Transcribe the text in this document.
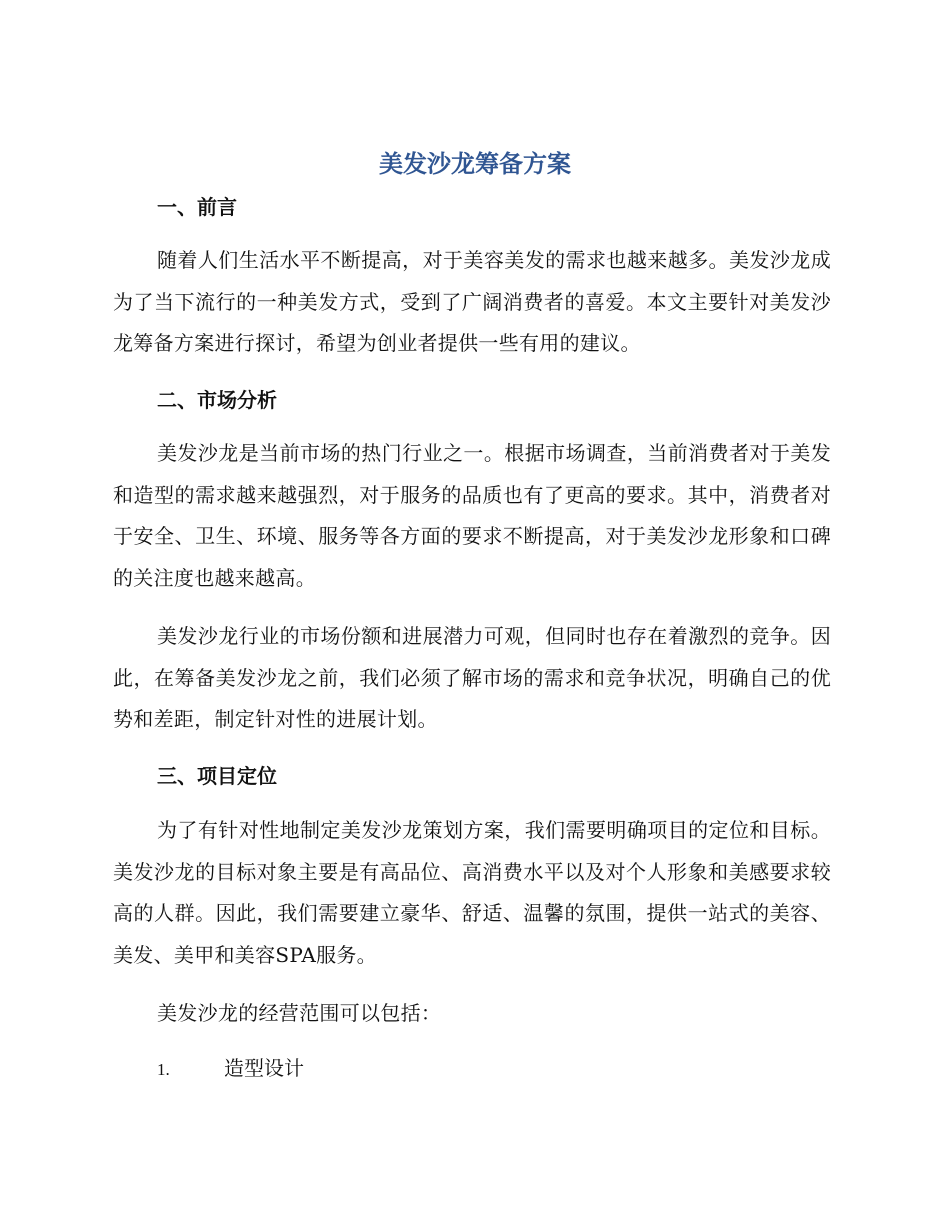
美发沙龙筹备方案
一、前言

随着人们生活水平不断提高，对于美容美发的需求也越来越多。美发沙龙成为了当下流行的一种美发方式，受到了广阔消费者的喜爱。本文主要针对美发沙龙筹备方案进行探讨，希望为创业者提供一些有用的建议。

二、市场分析

美发沙龙是当前市场的热门行业之一。根据市场调查，当前消费者对于美发和造型的需求越来越强烈，对于服务的品质也有了更高的要求。其中，消费者对于安全、卫生、环境、服务等各方面的要求不断提高，对于美发沙龙形象和口碑的关注度也越来越高。

美发沙龙行业的市场份额和进展潜力可观，但同时也存在着激烈的竞争。因此，在筹备美发沙龙之前，我们必须了解市场的需求和竞争状况，明确自己的优势和差距，制定针对性的进展计划。

三、项目定位

为了有针对性地制定美发沙龙策划方案，我们需要明确项目的定位和目标。美发沙龙的目标对象主要是有高品位、高消费水平以及对个人形象和美感要求较高的人群。因此，我们需要建立豪华、舒适、温馨的氛围，提供一站式的美容、美发、美甲和美容SPA服务。

美发沙龙的经营范围可以包括：

1.	造型设计
